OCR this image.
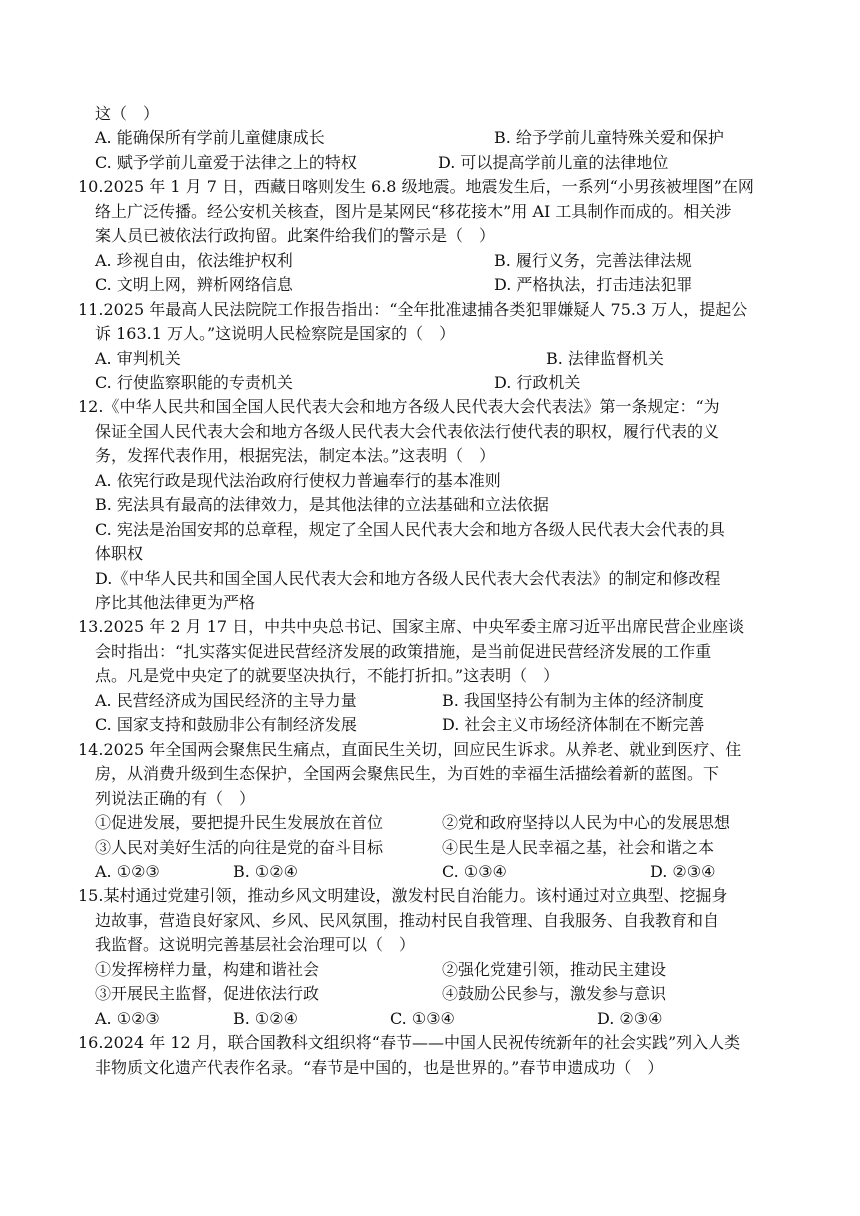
这（　）
A. 能确保所有学前儿童健康成长	B. 给予学前儿童特殊关爱和保护
C. 赋予学前儿童爱于法律之上的特权	D. 可以提高学前儿童的法律地位
10.2025 年 1 月 7 日，西藏日喀则发生 6.8 级地震。地震发生后，一系列“小男孩被埋图”在网
络上广泛传播。经公安机关核查，图片是某网民“移花接木”用 AI 工具制作而成的。相关涉
案人员已被依法行政拘留。此案件给我们的警示是（　）
A. 珍视自由，依法维护权利	B. 履行义务，完善法律法规
C. 文明上网，辨析网络信息	D. 严格执法，打击违法犯罪
11.2025 年最高人民法院院工作报告指出：“全年批准逮捕各类犯罪嫌疑人 75.3 万人，提起公
诉 163.1 万人。”这说明人民检察院是国家的（　）
A. 审判机关	B. 法律监督机关
C. 行使监察职能的专责机关	D. 行政机关
12.《中华人民共和国全国人民代表大会和地方各级人民代表大会代表法》第一条规定：“为
保证全国人民代表大会和地方各级人民代表大会代表依法行使代表的职权，履行代表的义
务，发挥代表作用，根据宪法，制定本法。”这表明（　）
A. 依宪行政是现代法治政府行使权力普遍奉行的基本准则
B. 宪法具有最高的法律效力，是其他法律的立法基础和立法依据
C. 宪法是治国安邦的总章程，规定了全国人民代表大会和地方各级人民代表大会代表的具
体职权
D.《中华人民共和国全国人民代表大会和地方各级人民代表大会代表法》的制定和修改程
序比其他法律更为严格
13.2025 年 2 月 17 日，中共中央总书记、国家主席、中央军委主席习近平出席民营企业座谈
会时指出：“扎实落实促进民营经济发展的政策措施，是当前促进民营经济发展的工作重
点。凡是党中央定了的就要坚决执行，不能打折扣。”这表明（　）
A. 民营经济成为国民经济的主导力量	B. 我国坚持公有制为主体的经济制度
C. 国家支持和鼓励非公有制经济发展	D. 社会主义市场经济体制在不断完善
14.2025 年全国两会聚焦民生痛点，直面民生关切，回应民生诉求。从养老、就业到医疗、住
房，从消费升级到生态保护，全国两会聚焦民生，为百姓的幸福生活描绘着新的蓝图。下
列说法正确的有（　）
①促进发展，要把提升民生发展放在首位	②党和政府坚持以人民为中心的发展思想
③人民对美好生活的向往是党的奋斗目标	④民生是人民幸福之基，社会和谐之本
A. ①②③	B. ①②④	C. ①③④	D. ②③④
15.某村通过党建引领，推动乡风文明建设，激发村民自治能力。该村通过对立典型、挖掘身
边故事，营造良好家风、乡风、民风氛围，推动村民自我管理、自我服务、自我教育和自
我监督。这说明完善基层社会治理可以（　）
①发挥榜样力量，构建和谐社会	②强化党建引领，推动民主建设
③开展民主监督，促进依法行政	④鼓励公民参与，激发参与意识
A. ①②③	B. ①②④	C. ①③④	D. ②③④
16.2024 年 12 月，联合国教科文组织将“春节——中国人民祝传统新年的社会实践”列入人类
非物质文化遗产代表作名录。“春节是中国的，也是世界的。”春节申遗成功（　）
